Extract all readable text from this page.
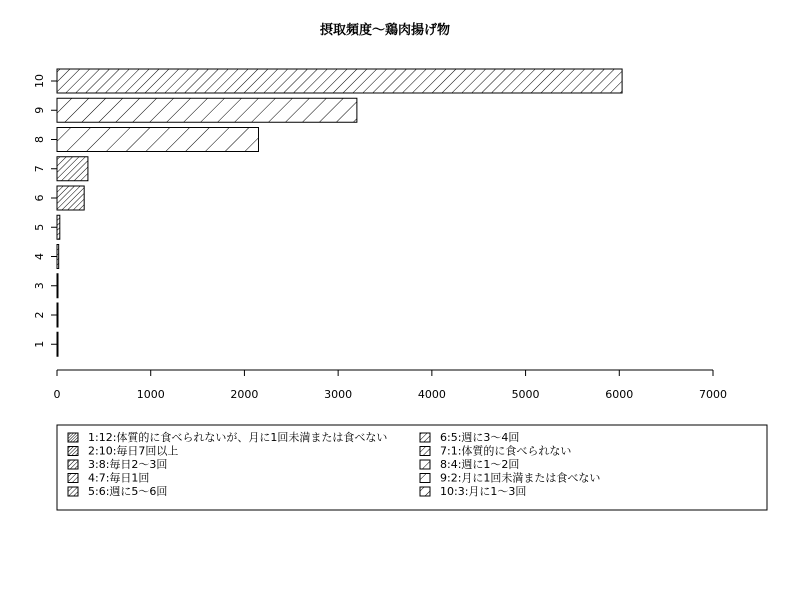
摂取頻度〜鶏肉揚げ物
1
2
3
4
5
6
7
8
9
10
0	1000	2000	3000	4000	5000	6000	7000
1:12:体質的に食べられないが、月に1回未満または食べない
2:10:毎日7回以上
3:8:毎日2〜3回
4:7:毎日1回
5:6:週に5〜6回
6:5:週に3〜4回
7:1:体質的に食べられない
8:4:週に1〜2回
9:2:月に1回未満または食べない
10:3:月に1〜3回
